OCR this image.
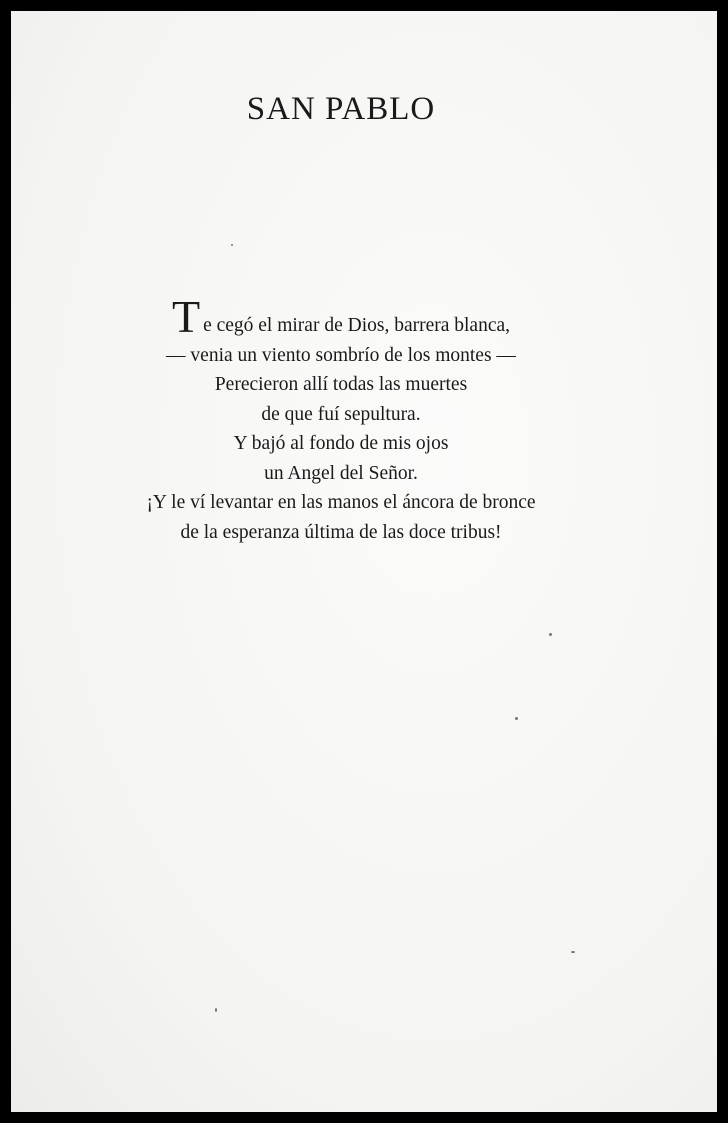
SAN PABLO
Te cegó el mirar de Dios, barrera blanca,
— venia un viento sombrío de los montes —
Perecieron allí todas las muertes
de que fuí sepultura.
Y bajó al fondo de mis ojos
un Angel del Señor.
¡Y le ví levantar en las manos el áncora de bronce
de la esperanza última de las doce tribus!
